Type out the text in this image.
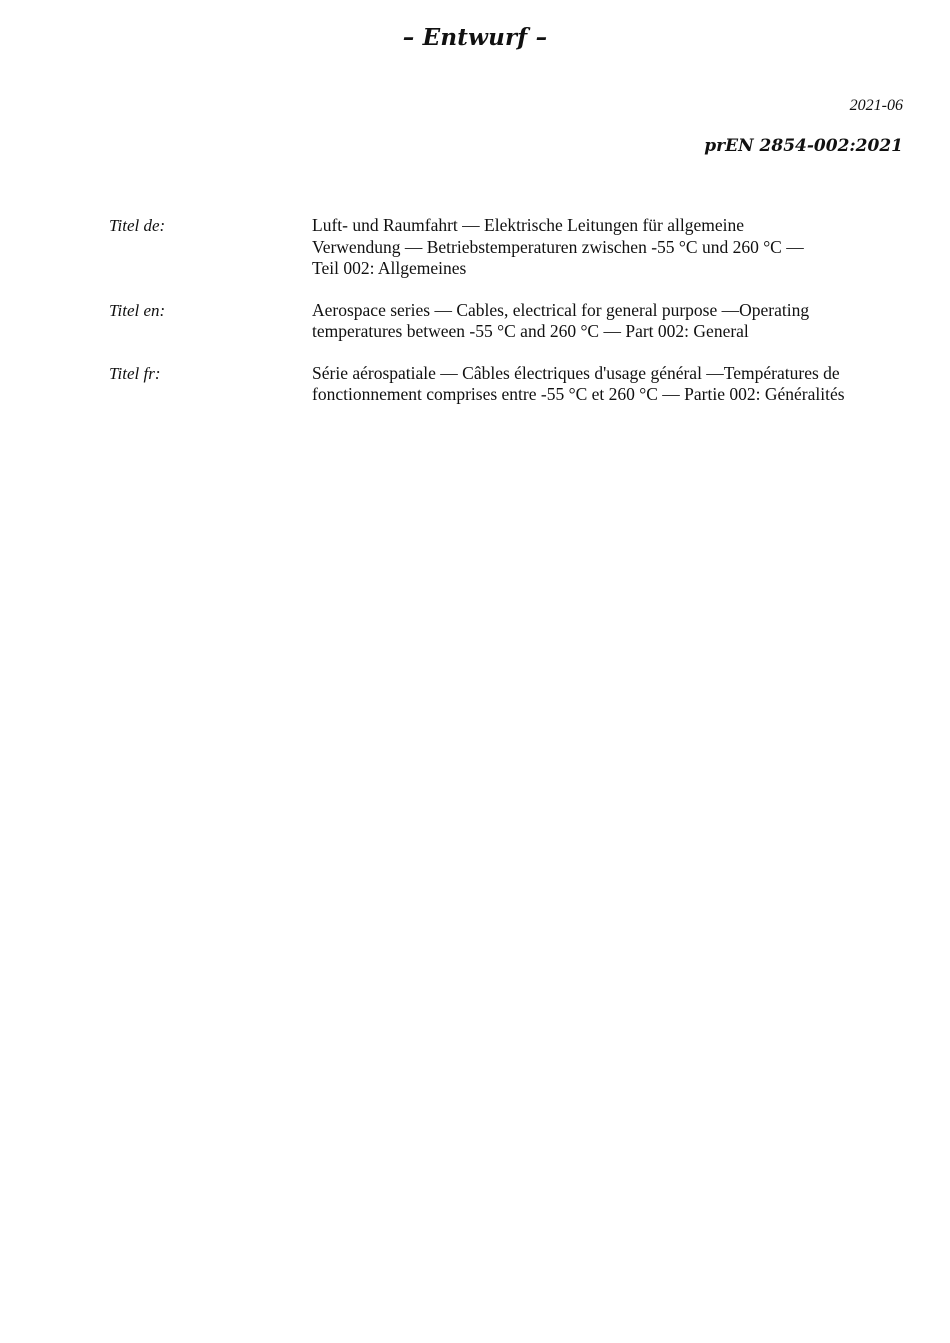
– Entwurf –
2021-06
prEN 2854-002:2021
Titel de:	Luft- und Raumfahrt — Elektrische Leitungen für allgemeine
Verwendung — Betriebstemperaturen zwischen -55 °C und 260 °C —
Teil 002: Allgemeines
Titel en:	Aerospace series — Cables, electrical for general purpose —Operating
temperatures between -55 °C and 260 °C — Part 002: General
Titel fr:	Série aérospatiale — Câbles électriques d'usage général —Températures de
fonctionnement comprises entre -55 °C et 260 °C — Partie 002: Généralités
